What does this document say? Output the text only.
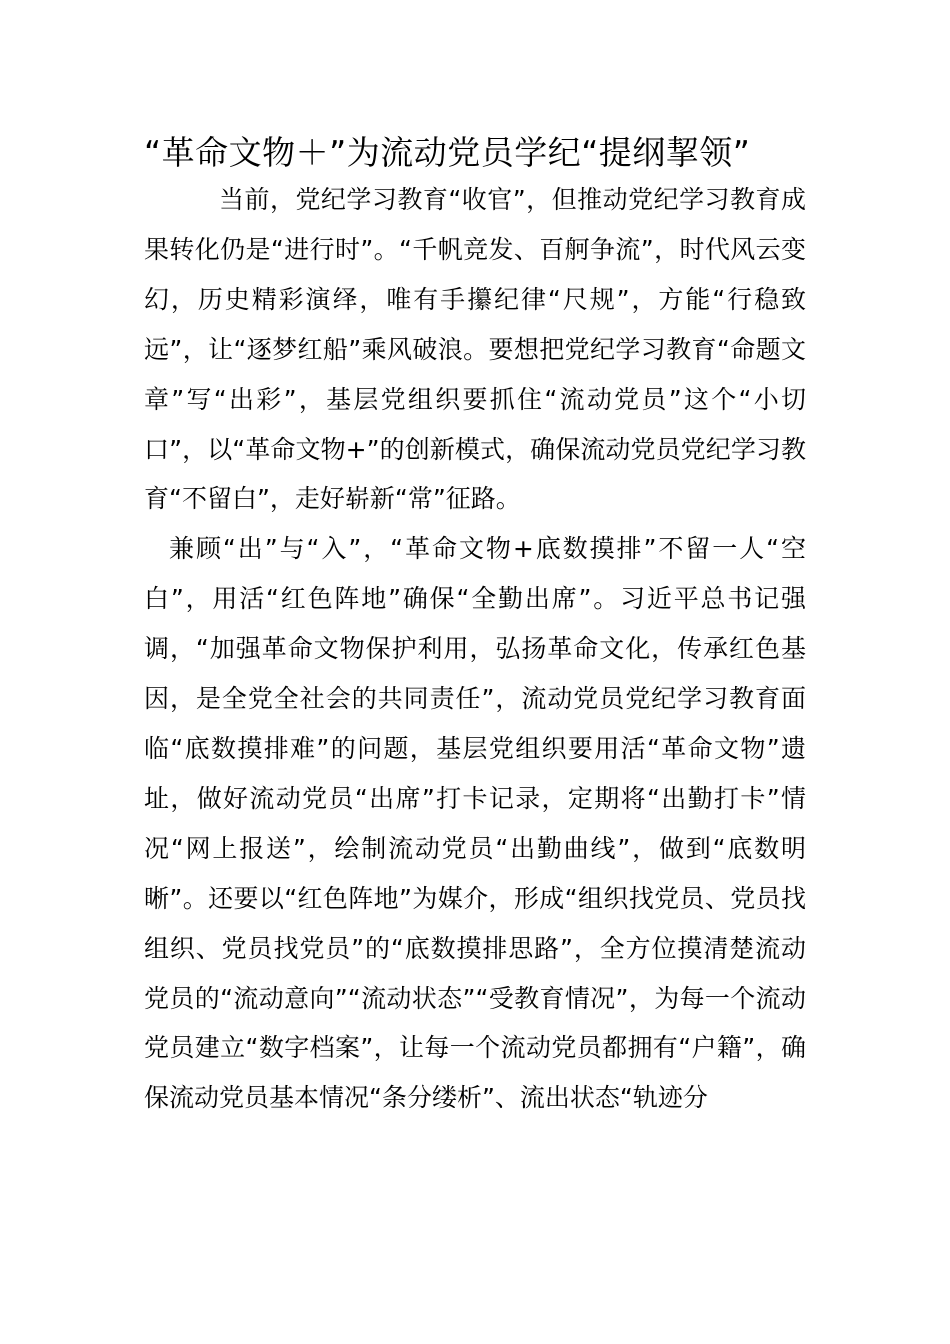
“革命文物＋”为流动党员学纪“提纲挈领”

当前，党纪学习教育“收官”，但推动党纪学习教育成果转化仍是“进行时”。“千帆竞发、百舸争流”，时代风云变幻，历史精彩演绎，唯有手攥纪律“尺规”，方能“行稳致远”，让“逐梦红船”乘风破浪。要想把党纪学习教育“命题文章”写“出彩”，基层党组织要抓住“流动党员”这个“小切口”，以“革命文物+”的创新模式，确保流动党员党纪学习教育“不留白”，走好崭新“常”征路。

兼顾“出”与“入”，“革命文物+底数摸排”不留一人“空白”，用活“红色阵地”确保“全勤出席”。习近平总书记强调，“加强革命文物保护利用，弘扬革命文化，传承红色基因，是全党全社会的共同责任”，流动党员党纪学习教育面临“底数摸排难”的问题，基层党组织要用活“革命文物”遗址，做好流动党员“出席”打卡记录，定期将“出勤打卡”情况“网上报送”，绘制流动党员“出勤曲线”，做到“底数明晰”。还要以“红色阵地”为媒介，形成“组织找党员、党员找组织、党员找党员”的“底数摸排思路”，全方位摸清楚流动党员的“流动意向”“流动状态”“受教育情况”，为每一个流动党员建立“数字档案”，让每一个流动党员都拥有“户籍”，确保流动党员基本情况“条分缕析”、流出状态“轨迹分
